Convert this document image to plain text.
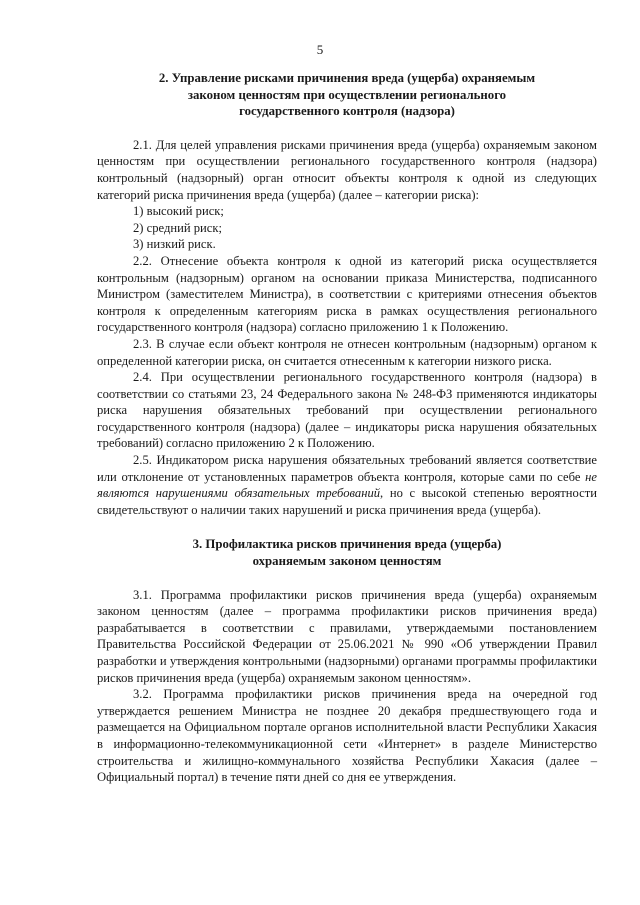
5
2. Управление рисками причинения вреда (ущерба) охраняемым
законом ценностям при осуществлении регионального
государственного контроля (надзора)

2.1. Для целей управления рисками причинения вреда (ущерба) охраняемым законом ценностям при осуществлении регионального государственного контроля (надзора) контрольный (надзорный) орган относит объекты контроля к одной из следующих категорий риска причинения вреда (ущерба) (далее – категории риска):

1) высокий риск;

2) средний риск;

3) низкий риск.

2.2. Отнесение объекта контроля к одной из категорий риска осуществляется контрольным (надзорным) органом на основании приказа Министерства, подписанного Министром (заместителем Министра), в соответствии с критериями отнесения объектов контроля к определенным категориям риска в рамках осуществления регионального государственного контроля (надзора) согласно приложению 1 к Положению.

2.3. В случае если объект контроля не отнесен контрольным (надзорным) органом к определенной категории риска, он считается отнесенным к категории низкого риска.

2.4. При осуществлении регионального государственного контроля (надзора) в соответствии со статьями 23, 24 Федерального закона № 248-ФЗ применяются индикаторы риска нарушения обязательных требований при осуществлении регионального государственного контроля (надзора) (далее – индикаторы риска нарушения обязательных требований) согласно приложению 2 к Положению.

2.5. Индикатором риска нарушения обязательных требований является соответствие или отклонение от установленных параметров объекта контроля, которые сами по себе не являются нарушениями обязательных требований, но с высокой степенью вероятности свидетельствуют о наличии таких нарушений и риска причинения вреда (ущерба).

3. Профилактика рисков причинения вреда (ущерба)
охраняемым законом ценностям

3.1. Программа профилактики рисков причинения вреда (ущерба) охраняемым законом ценностям (далее – программа профилактики рисков причинения вреда) разрабатывается в соответствии с правилами, утверждаемыми постановлением Правительства Российской Федерации от 25.06.2021 № 990 «Об утверждении Правил разработки и утверждения контрольными (надзорными) органами программы профилактики рисков причинения вреда (ущерба) охраняемым законом ценностям».

3.2. Программа профилактики рисков причинения вреда на очередной год утверждается решением Министра не позднее 20 декабря предшествующего года и размещается на Официальном портале органов исполнительной власти Республики Хакасия в информационно-телекоммуникационной сети «Интернет» в разделе Министерство строительства и жилищно-коммунального хозяйства Республики Хакасия (далее – Официальный портал) в течение пяти дней со дня ее утверждения.
